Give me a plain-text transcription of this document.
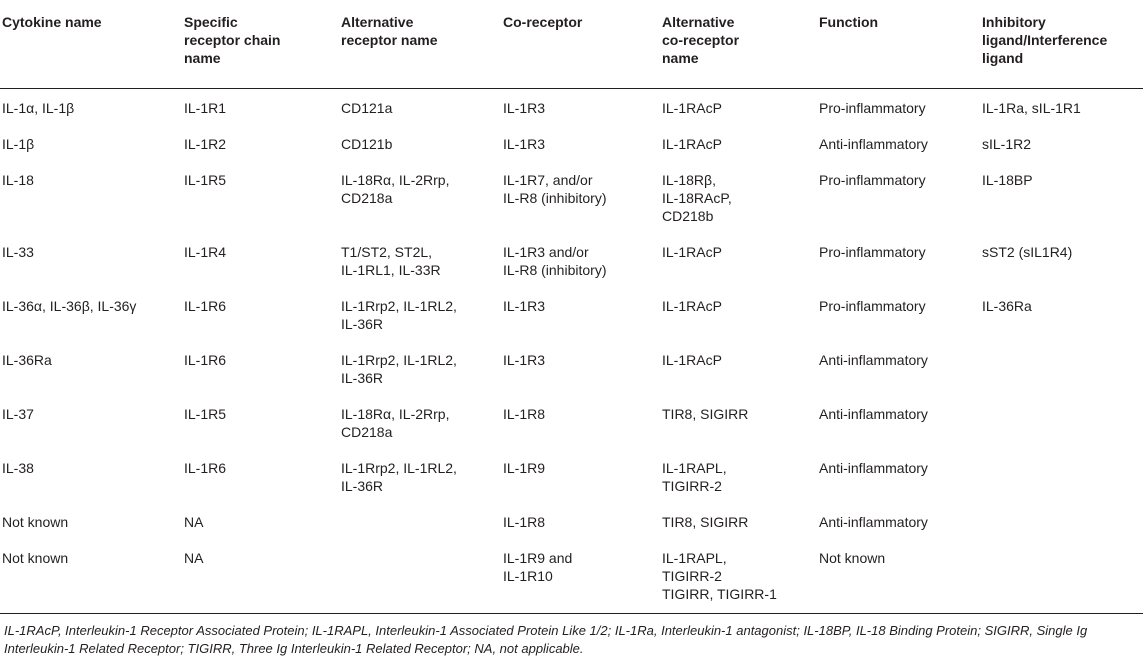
Cytokine name	Specific
receptor chain
name	Alternative
receptor name	Co-receptor	Alternative
co-receptor
name	Function	Inhibitory
ligand/Interference
ligand

IL-1α, IL-1β	IL-1R1	CD121a	IL-1R3	IL-1RAcP	Pro-inflammatory	IL-1Ra, sIL-1R1

IL-1β	IL-1R2	CD121b	IL-1R3	IL-1RAcP	Anti-inflammatory	sIL-1R2

IL-18	IL-1R5	IL-18Rα, IL-2Rrp,
CD218a	IL-1R7, and/or
IL-R8 (inhibitory)	IL-18Rβ,
IL-18RAcP,
CD218b	Pro-inflammatory	IL-18BP

IL-33	IL-1R4	T1/ST2, ST2L,
IL-1RL1, IL-33R	IL-1R3 and/or
IL-R8 (inhibitory)	IL-1RAcP	Pro-inflammatory	sST2 (sIL1R4)

IL-36α, IL-36β, IL-36γ	IL-1R6	IL-1Rrp2, IL-1RL2,
IL-36R	IL-1R3	IL-1RAcP	Pro-inflammatory	IL-36Ra

IL-36Ra	IL-1R6	IL-1Rrp2, IL-1RL2,
IL-36R	IL-1R3	IL-1RAcP	Anti-inflammatory	

IL-37	IL-1R5	IL-18Rα, IL-2Rrp,
CD218a	IL-1R8	TIR8, SIGIRR	Anti-inflammatory	

IL-38	IL-1R6	IL-1Rrp2, IL-1RL2,
IL-36R	IL-1R9	IL-1RAPL,
TIGIRR-2	Anti-inflammatory	

Not known	NA		IL-1R8	TIR8, SIGIRR	Anti-inflammatory	

Not known	NA		IL-1R9 and
IL-1R10	IL-1RAPL,
TIGIRR-2
TIGIRR, TIGIRR-1	Not known	

IL-1RAcP, Interleukin-1 Receptor Associated Protein; IL-1RAPL, Interleukin-1 Associated Protein Like 1/2; IL-1Ra, Interleukin-1 antagonist; IL-18BP, IL-18 Binding Protein; SIGIRR, Single Ig Interleukin-1 Related Receptor; TIGIRR, Three Ig Interleukin-1 Related Receptor; NA, not applicable.
